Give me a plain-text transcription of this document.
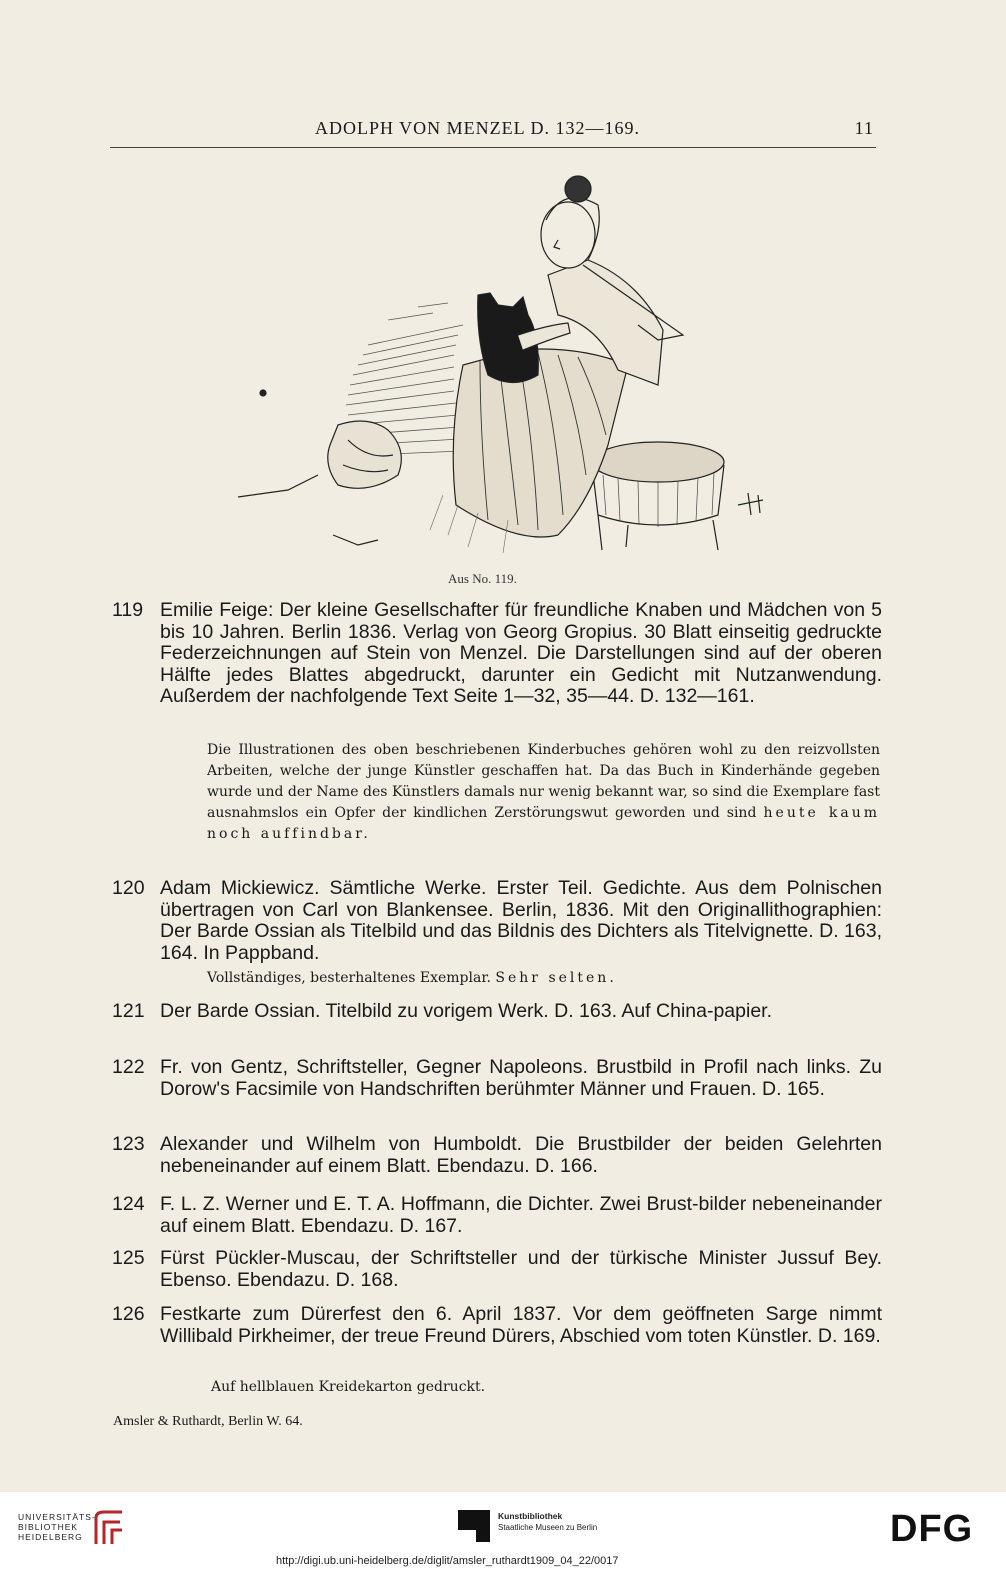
ADOLPH VON MENZEL D. 132—169.	11
Aus No. 119.
119 Emilie Feige: Der kleine Gesellschafter für freundliche Knaben und Mädchen von 5 bis 10 Jahren. Berlin 1836. Verlag von Georg Gropius. 30 Blatt einseitig gedruckte Federzeichnungen auf Stein von Menzel. Die Darstellungen sind auf der oberen Hälfte jedes Blattes abgedruckt, darunter ein Gedicht mit Nutzanwendung. Außerdem der nachfolgende Text Seite 1—32, 35—44. D. 132—161.
Die Illustrationen des oben beschriebenen Kinderbuches gehören wohl zu den reizvollsten Arbeiten, welche der junge Künstler geschaffen hat. Da das Buch in Kinderhände gegeben wurde und der Name des Künstlers damals nur wenig bekannt war, so sind die Exemplare fast ausnahmslos ein Opfer der kindlichen Zerstörungswut geworden und sind heute kaum noch auffindbar.
120 Adam Mickiewicz. Sämtliche Werke. Erster Teil. Gedichte. Aus dem Polnischen übertragen von Carl von Blankensee. Berlin, 1836. Mit den Originallithographien: Der Barde Ossian als Titelbild und das Bildnis des Dichters als Titelvignette. D. 163, 164. In Pappband.
Vollständiges, besterhaltenes Exemplar. Sehr selten.
121 Der Barde Ossian. Titelbild zu vorigem Werk. D. 163. Auf China-papier.
122 Fr. von Gentz, Schriftsteller, Gegner Napoleons. Brustbild in Profil nach links. Zu Dorow's Facsimile von Handschriften berühmter Männer und Frauen. D. 165.
123 Alexander und Wilhelm von Humboldt. Die Brustbilder der beiden Gelehrten nebeneinander auf einem Blatt. Ebendazu. D. 166.
124 F. L. Z. Werner und E. T. A. Hoffmann, die Dichter. Zwei Brust-bilder nebeneinander auf einem Blatt. Ebendazu. D. 167.
125 Fürst Pückler-Muscau, der Schriftsteller und der türkische Minister Jussuf Bey. Ebenso. Ebendazu. D. 168.
126 Festkarte zum Dürerfest den 6. April 1837. Vor dem geöffneten Sarge nimmt Willibald Pirkheimer, der treue Freund Dürers, Abschied vom toten Künstler. D. 169.
Auf hellblauen Kreidekarton gedruckt.
Amsler & Ruthardt, Berlin W. 64.
UNIVERSITÄTS-
BIBLIOTHEK
HEIDELBERG
Kunstbibliothek
Staatliche Museen zu Berlin	DFG
http://digi.ub.uni-heidelberg.de/diglit/amsler_ruthardt1909_04_22/0017
